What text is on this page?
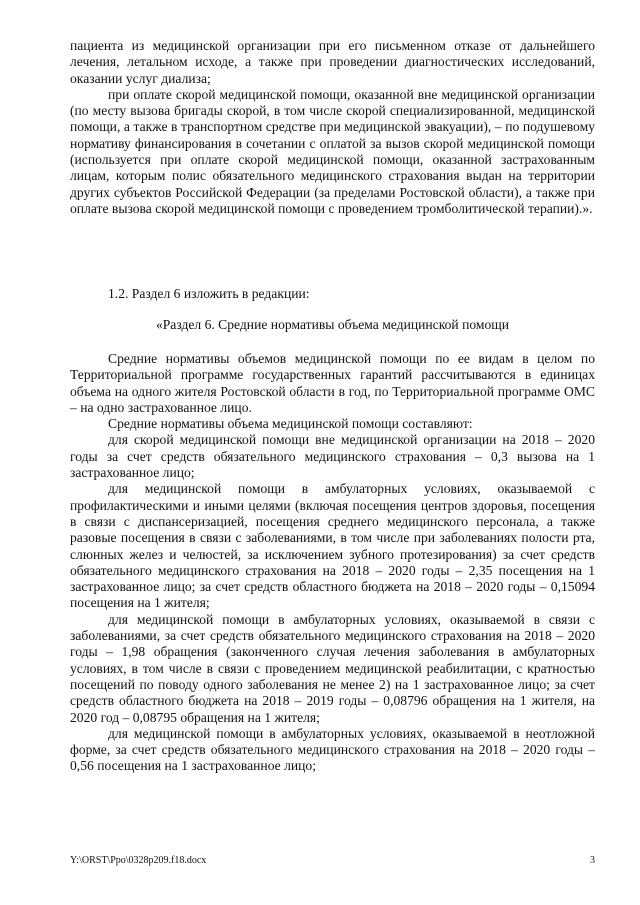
пациента из медицинской организации при его письменном отказе от дальнейшего лечения, летальном исходе, а также при проведении диагностических исследований, оказании услуг диализа;

при оплате скорой медицинской помощи, оказанной вне медицинской организации (по месту вызова бригады скорой, в том числе скорой специализированной, медицинской помощи, а также в транспортном средстве при медицинской эвакуации), – по подушевому нормативу финансирования в сочетании с оплатой за вызов скорой медицинской помощи (используется при оплате скорой медицинской помощи, оказанной застрахованным лицам, которым полис обязательного медицинского страхования выдан на территории других субъектов Российской Федерации (за пределами Ростовской области), а также при оплате вызова скорой медицинской помощи с проведением тромболитической терапии).».

1.2. Раздел 6 изложить в редакции:
«Раздел 6. Средние нормативы объема медицинской помощи

Средние нормативы объемов медицинской помощи по ее видам в целом по Территориальной программе государственных гарантий рассчитываются в единицах объема на одного жителя Ростовской области в год, по Территориальной программе ОМС – на одно застрахованное лицо.

Средние нормативы объема медицинской помощи составляют:

для скорой медицинской помощи вне медицинской организации на 2018 – 2020 годы за счет средств обязательного медицинского страхования – 0,3 вызова на 1 застрахованное лицо;

для медицинской помощи в амбулаторных условиях, оказываемой с профилактическими и иными целями (включая посещения центров здоровья, посещения в связи с диспансеризацией, посещения среднего медицинского персонала, а также разовые посещения в связи с заболеваниями, в том числе при заболеваниях полости рта, слюнных желез и челюстей, за исключением зубного протезирования) за счет средств обязательного медицинского страхования на 2018 – 2020 годы – 2,35 посещения на 1 застрахованное лицо; за счет средств областного бюджета на 2018 – 2020 годы – 0,15094 посещения на 1 жителя;

для медицинской помощи в амбулаторных условиях, оказываемой в связи с заболеваниями, за счет средств обязательного медицинского страхования на 2018 – 2020 годы – 1,98 обращения (законченного случая лечения заболевания в амбулаторных условиях, в том числе в связи с проведением медицинской реабилитации, с кратностью посещений по поводу одного заболевания не менее 2) на 1 застрахованное лицо; за счет средств областного бюджета на 2018 – 2019 годы – 0,08796 обращения на 1 жителя, на 2020 год – 0,08795 обращения на 1 жителя;

для медицинской помощи в амбулаторных условиях, оказываемой в неотложной форме, за счет средств обязательного медицинского страхования на 2018 – 2020 годы – 0,56 посещения на 1 застрахованное лицо;

Y:\ORST\Ppo\0328p209.f18.docx	3
